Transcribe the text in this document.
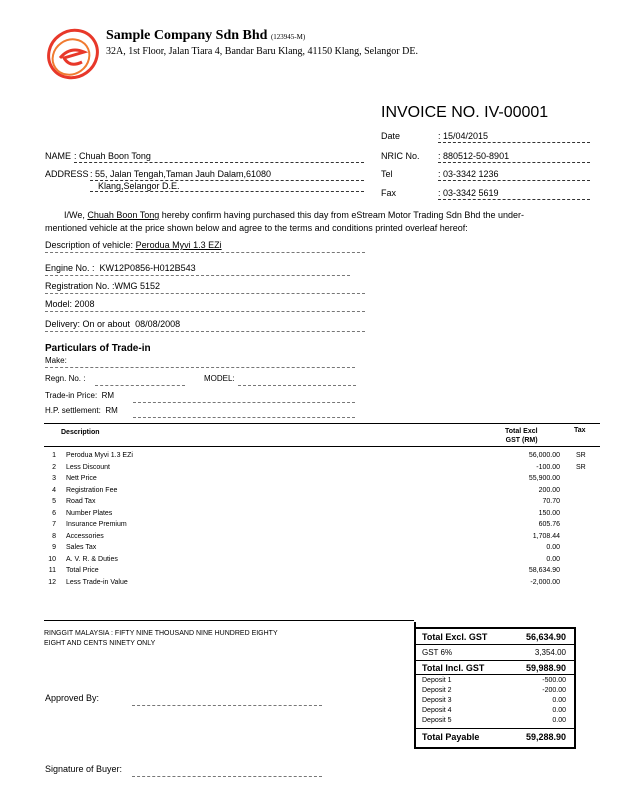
Sample Company Sdn Bhd (123945-M)
32A, 1st Floor, Jalan Tiara 4, Bandar Baru Klang, 41150 Klang, Selangor DE.
INVOICE NO. IV-00001
Date	: 15/04/2015
NRIC No. : 880512-50-8901
Tel	: 03-3342 1236
Fax	: 03-3342 5619
NAME : Chuah Boon Tong
ADDRESS : 55, Jalan Tengah,Taman Jauh Dalam,61080
Klang,Selangor D.E.
I/We, Chuah Boon Tong hereby confirm having purchased this day from eStream Motor Trading Sdn Bhd the under-
mentioned vehicle at the price shown below and agree to the terms and conditions printed overleaf hereof:
Description of vehicle: Perodua Myvi 1.3 EZi
Engine No. : KW12P0856-H012B543
Registration No. :WMG 5152
Model: 2008
Delivery: On or about 08/08/2008
Particulars of Trade-in
Make:
Regn. No. :	MODEL:
Trade-in Price: RM
H.P. settlement: RM
Description	Total Excl
GST (RM)
Tax
1 Perodua Myvi 1.3 EZi	56,000.00 SR
2 Less Discount	-100.00 SR
3 Nett Price	55,900.00
4 Registration Fee	200.00
5 Road Tax	70.70
6 Number Plates	150.00
7 Insurance Premium	605.76
8 Accessories	1,708.44
9 Sales Tax	0.00
10 A. V. R. & Duties	0.00
11 Total Price	58,634.90
12 Less Trade-in Value	-2,000.00
RINGGIT MALAYSIA : FIFTY NINE THOUSAND NINE HUNDRED EIGHTY
EIGHT AND CENTS NINETY ONLY
Total Excl. GST	56,634.90
GST 6%	3,354.00
Total Incl. GST	59,988.90
Deposit 1	-500.00
Deposit 2	-200.00
Deposit 3	0.00
Deposit 4	0.00
Deposit 5	0.00
Total Payable	59,288.90
Approved By:
Signature of Buyer:
